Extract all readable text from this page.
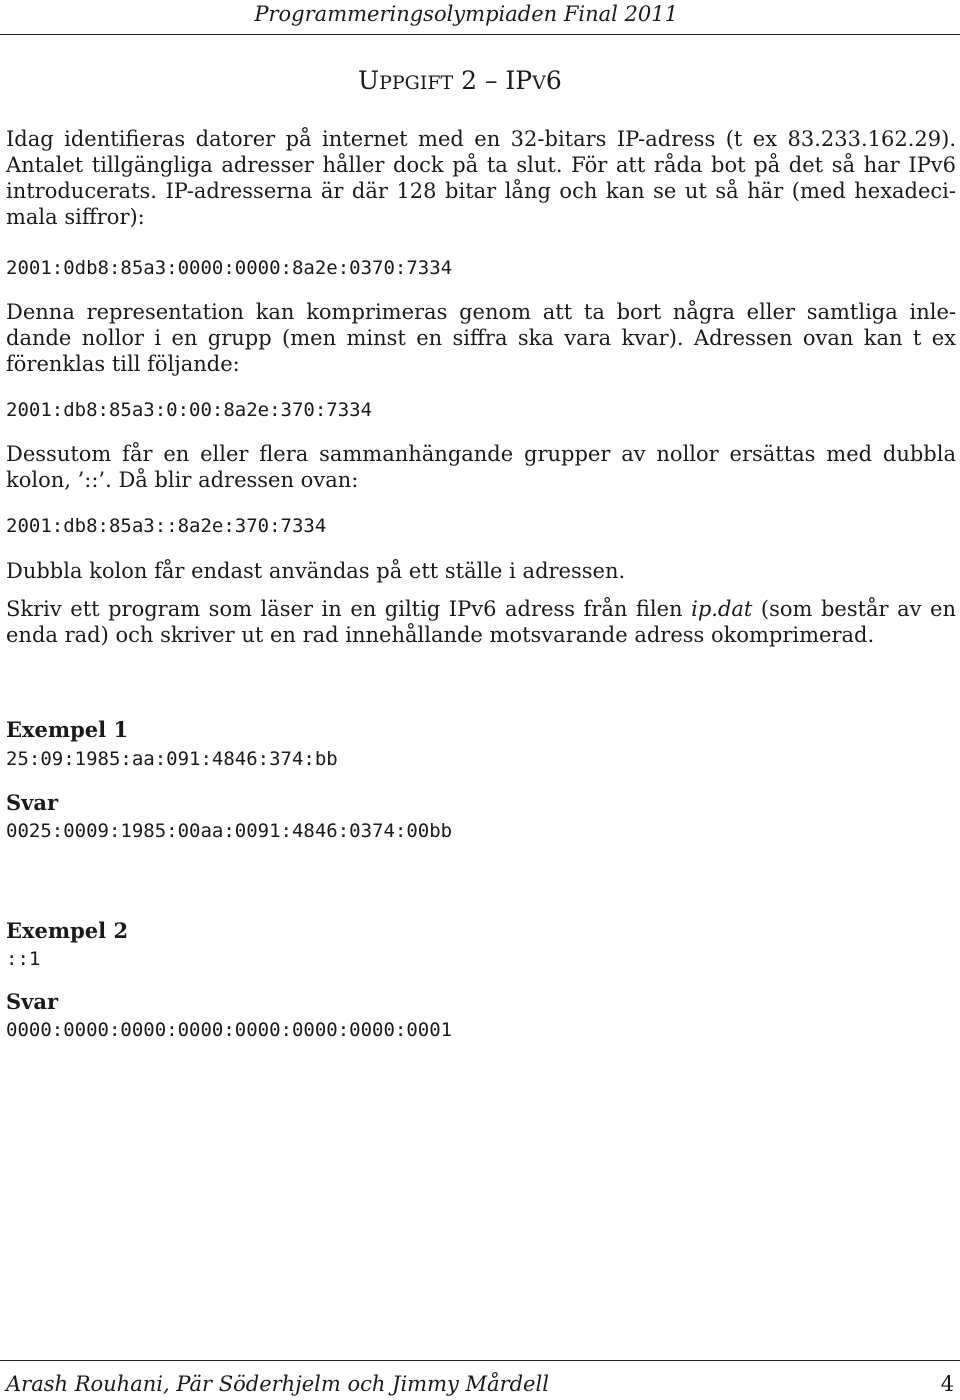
Programmeringsolympiaden Final 2011
UPPGIFT 2 – IPV6

Idag identifieras datorer på internet med en 32-bitars IP-adress (t ex 83.233.162.29).

Antalet tillgängliga adresser håller dock på ta slut. För att råda bot på det så har IPv6

introducerats. IP-adresserna är där 128 bitar lång och kan se ut så här (med hexadeci-

mala siffror):

2001:0db8:85a3:0000:0000:8a2e:0370:7334

Denna representation kan komprimeras genom att ta bort några eller samtliga inle-

dande nollor i en grupp (men minst en siffra ska vara kvar). Adressen ovan kan t ex

förenklas till följande:

2001:db8:85a3:0:00:8a2e:370:7334

Dessutom får en eller flera sammanhängande grupper av nollor ersättas med dubbla

kolon, ’::’. Då blir adressen ovan:

2001:db8:85a3::8a2e:370:7334

Dubbla kolon får endast användas på ett ställe i adressen.

Skriv ett program som läser in en giltig IPv6 adress från filen ip.dat (som består av en

enda rad) och skriver ut en rad innehållande motsvarande adress okomprimerad.

Exempel 1
25:09:1985:aa:091:4846:374:bb
Svar
0025:0009:1985:00aa:0091:4846:0374:00bb
Exempel 2
::1
Svar
0000:0000:0000:0000:0000:0000:0000:0001
Arash Rouhani, Pär Söderhjelm och Jimmy Mårdell	4
